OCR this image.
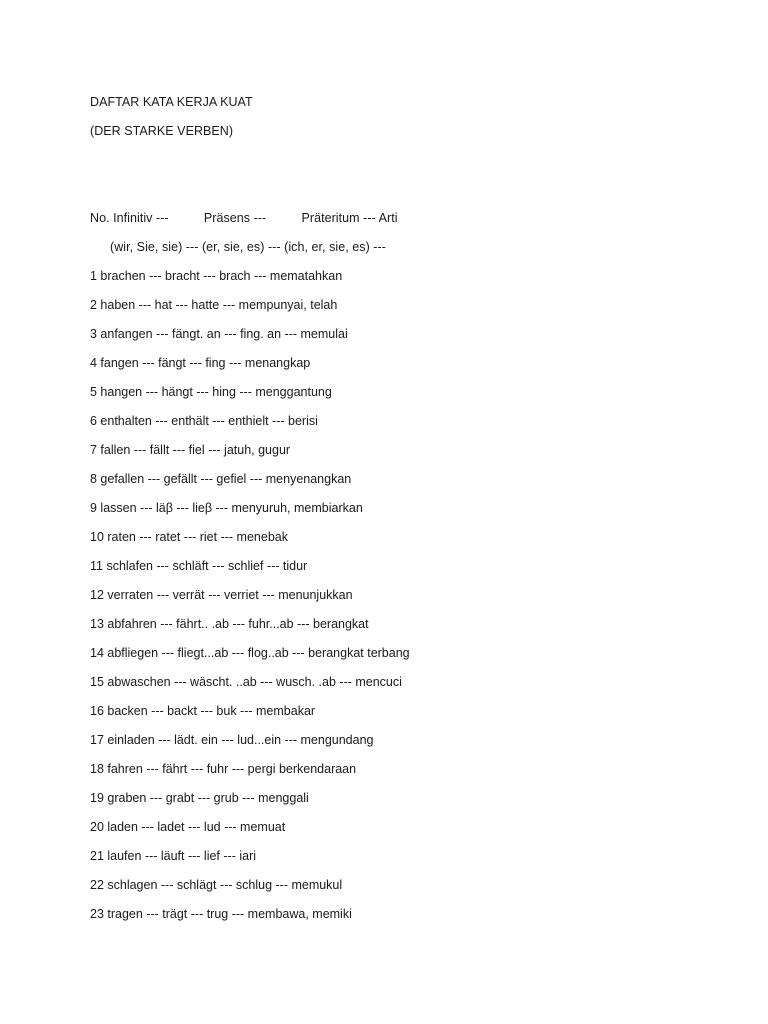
DAFTAR KATA KERJA KUAT
(DER STARKE VERBEN)
No. Infinitiv ---          Präsens ---          Präteritum --- Arti
(wir, Sie, sie) --- (er, sie, es) --- (ich, er, sie, es) ---
1 brachen --- bracht --- brach --- mematahkan
2 haben --- hat --- hatte --- mempunyai, telah
3 anfangen --- fängt. an --- fing. an --- memulai
4 fangen --- fängt --- fing --- menangkap
5 hangen --- hängt --- hing --- menggantung
6 enthalten --- enthält --- enthielt --- berisi
7 fallen --- fällt --- fiel --- jatuh, gugur
8 gefallen --- gefällt --- gefiel --- menyenangkan
9 lassen --- läβ --- lieβ --- menyuruh, membiarkan
10 raten --- ratet --- riet --- menebak
11 schlafen --- schläft --- schlief --- tidur
12 verraten --- verrät --- verriet --- menunjukkan
13 abfahren --- fährt.. .ab --- fuhr...ab --- berangkat
14 abfliegen --- fliegt...ab --- flog..ab --- berangkat terbang
15 abwaschen --- wäscht. ..ab --- wusch. .ab --- mencuci
16 backen --- backt --- buk --- membakar
17 einladen --- lädt. ein --- lud...ein --- mengundang
18 fahren --- fährt --- fuhr --- pergi berkendaraan
19 graben --- grabt --- grub --- menggali
20 laden --- ladet --- lud --- memuat
21 laufen --- läuft --- lief --- iari
22 schlagen --- schlägt --- schlug --- memukul
23 tragen --- trägt --- trug --- membawa, memiki
